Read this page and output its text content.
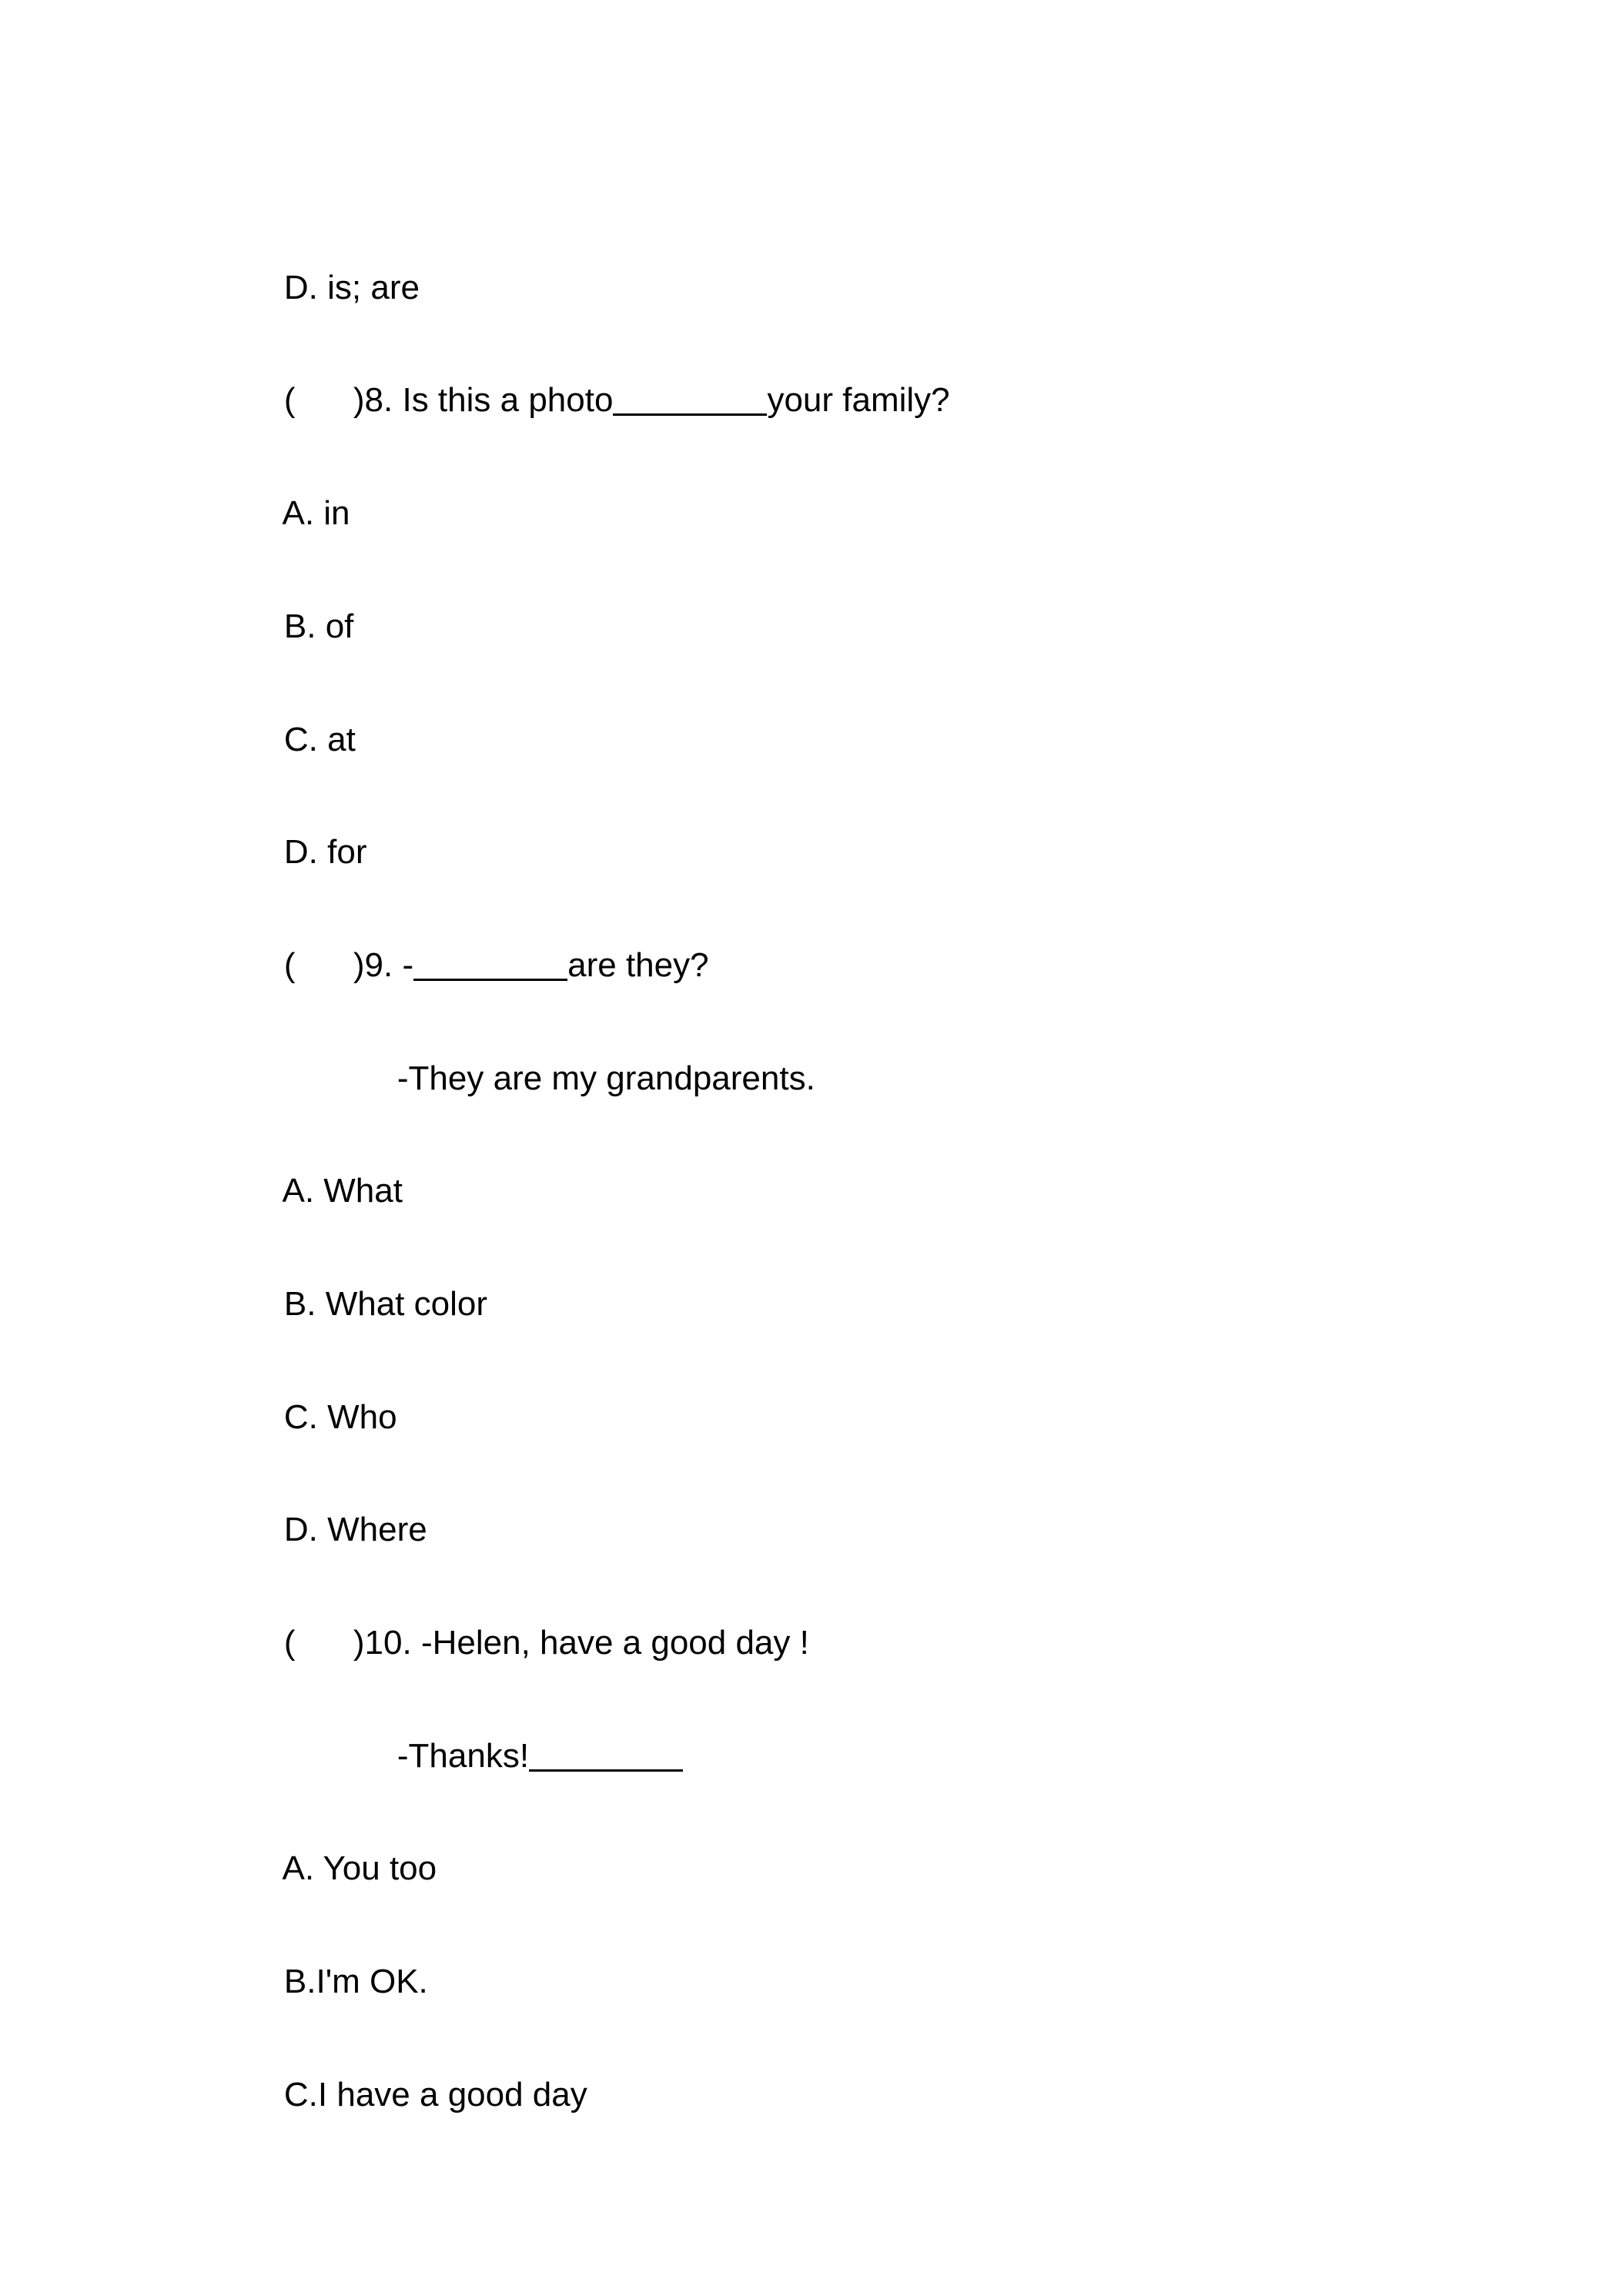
D. is; are

( )8. Is this a photo	your family?

A. in

B. of

C. at

D. for

( )9. -	are they?

-They are my grandparents.

A. What

B. What color

C. Who

D. Where

( )10. -Helen, have a good day !

-Thanks!

A. You too

B.I'm OK.

C.I have a good day
